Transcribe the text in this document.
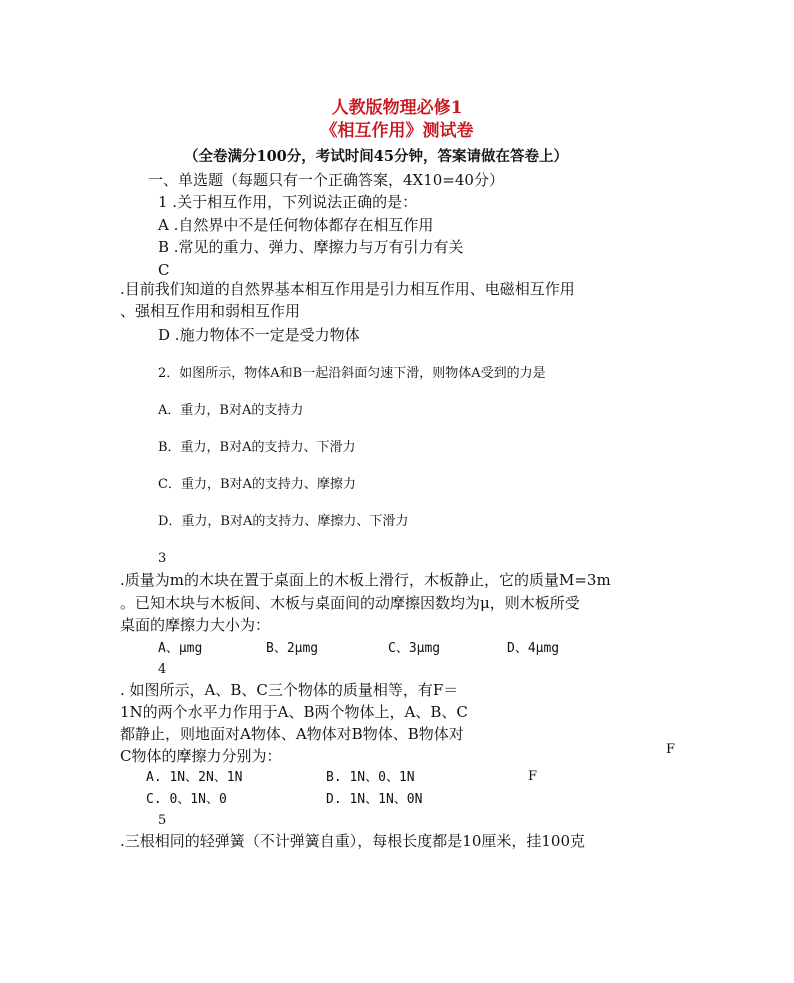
人教版物理必修1
《相互作用》测试卷
（全卷满分100分，考试时间45分钟，答案请做在答卷上）
一、单选题（每题只有一个正确答案，4X10=40分）
1 .关于相互作用，下列说法正确的是：
A .自然界中不是任何物体都存在相互作用
B .常见的重力、弹力、摩擦力与万有引力有关
C
.目前我们知道的自然界基本相互作用是引力相互作用、电磁相互作用
、强相互作用和弱相互作用
D .施力物体不一定是受力物体
2．如图所示，物体A和B一起沿斜面匀速下滑，则物体A受到的力是
A．重力，B对A的支持力
B．重力，B对A的支持力、下滑力
C．重力，B对A的支持力、摩擦力
D．重力，B对A的支持力、摩擦力、下滑力
3
.质量为m的木块在置于桌面上的木板上滑行，木板静止，它的质量M=3m
。已知木块与木板间、木板与桌面间的动摩擦因数均为μ，则木板所受
桌面的摩擦力大小为：
A、μmg	B、2μmg	C、3μmg	D、4μmg
4
. 如图所示，A、B、C三个物体的质量相等，有F＝
1N的两个水平力作用于A、B两个物体上，A、B、C
都静止，则地面对A物体、A物体对B物体、B物体对
C物体的摩擦力分别为：	F
F
A. 1N、2N、1N	B. 1N、0、1N
C. 0、1N、0	D. 1N、1N、0N
5
.三根相同的轻弹簧（不计弹簧自重），每根长度都是10厘米，挂100克
